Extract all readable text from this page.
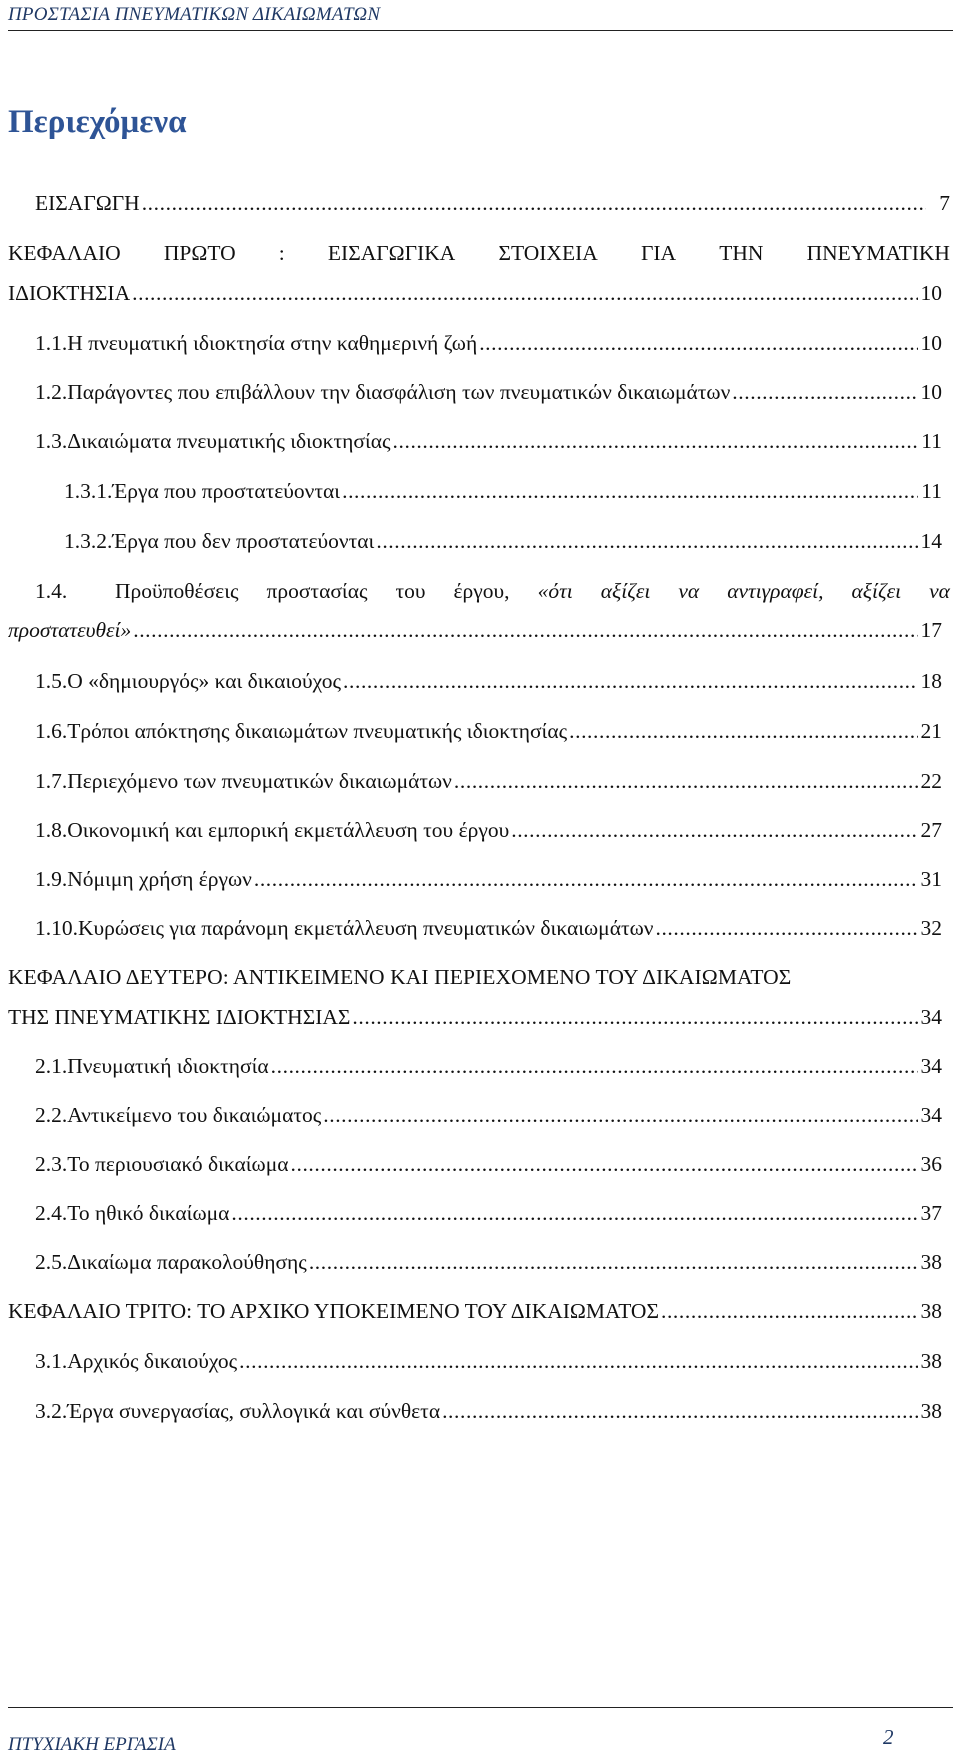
ΠΡΟΣΤΑΣΙΑ ΠΝΕΥΜΑΤΙΚΩΝ ΔΙΚΑΙΩΜΑΤΩΝ
Περιεχόμενα
ΕΙΣΑΓΩΓΗ .....	7
ΚΕΦΑΛΑΙΟ ΠΡΩΤΟ : ΕΙΣΑΓΩΓΙΚΑ ΣΤΟΙΧΕΙΑ ΓΙΑ ΤΗΝ ΠΝΕΥΜΑΤΙΚΗ
ΙΔΙΟΚΤΗΣΙΑ .....	10
1.1. Η πνευματική ιδιοκτησία στην καθημερινή ζωή .....	10
1.2. Παράγοντες που επιβάλλουν την διασφάλιση των πνευματικών δικαιωμάτων .....	10
1.3. Δικαιώματα πνευματικής ιδιοκτησίας .....	11
1.3.1. Έργα που προστατεύονται .....	11
1.3.2. Έργα που δεν προστατεύονται .....	14
1.4.	Προϋποθέσεις προστασίας του έργου, «ότι αξίζει να αντιγραφεί, αξίζει να
προστατευθεί» .....	17
1.5. Ο «δημιουργός» και δικαιούχος .....	18
1.6. Τρόποι απόκτησης δικαιωμάτων πνευματικής ιδιοκτησίας .....	21
1.7. Περιεχόμενο των πνευματικών δικαιωμάτων .....	22
1.8. Οικονομική και εμπορική εκμετάλλευση του έργου .....	27
1.9. Νόμιμη χρήση έργων .....	31
1.10. Κυρώσεις για παράνομη εκμετάλλευση πνευματικών δικαιωμάτων .....	32
ΚΕΦΑΛΑΙΟ ΔΕΥΤΕΡΟ: ΑΝΤΙΚΕΙΜΕΝΟ ΚΑΙ ΠΕΡΙΕΧΟΜΕΝΟ ΤΟΥ ΔΙΚΑΙΩΜΑΤΟΣ
ΤΗΣ ΠΝΕΥΜΑΤΙΚΗΣ ΙΔΙΟΚΤΗΣΙΑΣ .....	34
2.1. Πνευματική ιδιοκτησία .....	34
2.2. Αντικείμενο του δικαιώματος .....	34
2.3. Το περιουσιακό δικαίωμα .....	36
2.4. Το ηθικό δικαίωμα .....	37
2.5. Δικαίωμα παρακολούθησης .....	38
ΚΕΦΑΛΑΙΟ ΤΡΙΤΟ: ΤΟ ΑΡΧΙΚΟ ΥΠΟΚΕΙΜΕΝΟ ΤΟΥ ΔΙΚΑΙΩΜΑΤΟΣ .....	38
3.1. Αρχικός δικαιούχος .....	38
3.2. Έργα συνεργασίας, συλλογικά και σύνθετα .....	38
ΠΤΥΧΙΑΚΗ ΕΡΓΑΣΙΑ	2
